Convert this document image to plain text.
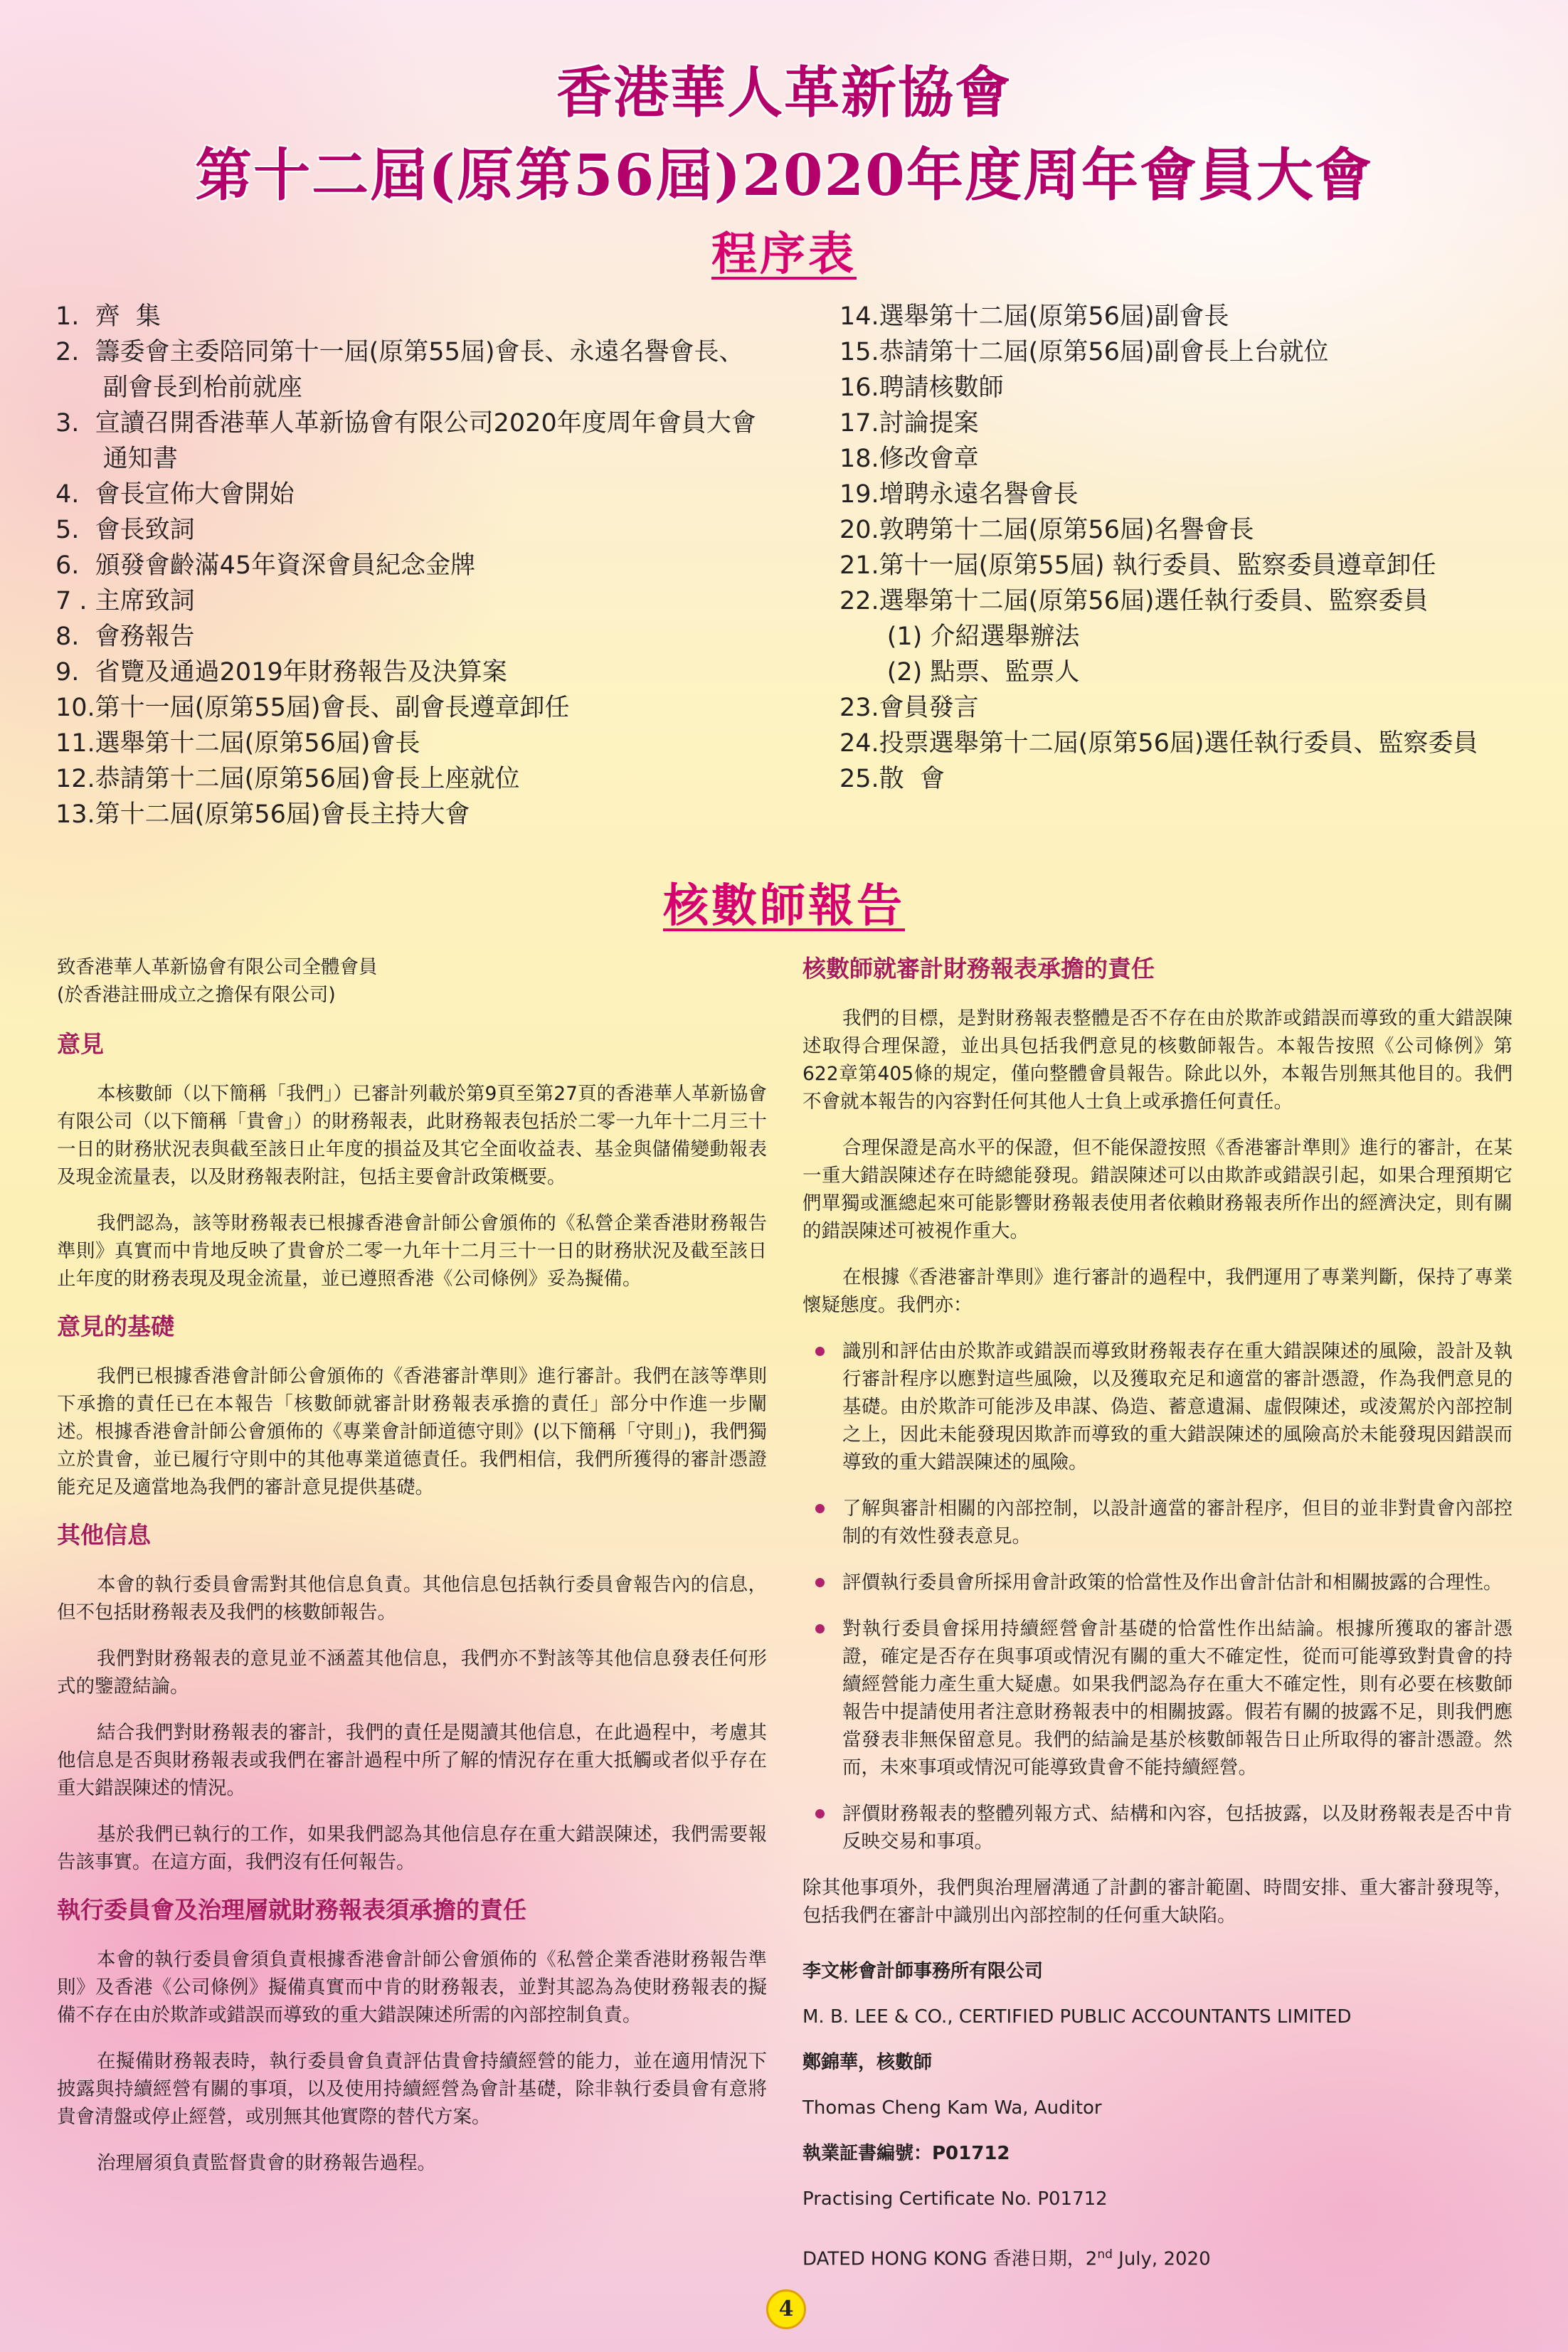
香港華人革新協會
第十二屆(原第56屆)2020年度周年會員大會
程序表
1.  齊  集
2.  籌委會主委陪同第十一屆(原第55屆)會長、永遠名譽會長、
副會長到枱前就座
3.  宣讀召開香港華人革新協會有限公司2020年度周年會員大會
通知書
4.  會長宣佈大會開始
5.  會長致詞
6.  頒發會齡滿45年資深會員紀念金牌
7 . 主席致詞
8.  會務報告
9.  省覽及通過2019年財務報告及決算案
10.第十一屆(原第55屆)會長、副會長遵章卸任
11.選舉第十二屆(原第56屆)會長
12.恭請第十二屆(原第56屆)會長上座就位
13.第十二屆(原第56屆)會長主持大會
14.選舉第十二屆(原第56屆)副會長
15.恭請第十二屆(原第56屆)副會長上台就位
16.聘請核數師
17.討論提案
18.修改會章
19.增聘永遠名譽會長
20.敦聘第十二屆(原第56屆)名譽會長
21.第十一屆(原第55屆) 執行委員、監察委員遵章卸任
22.選舉第十二屆(原第56屆)選任執行委員、監察委員
(1) 介紹選舉辦法
(2) 點票、監票人
23.會員發言
24.投票選舉第十二屆(原第56屆)選任執行委員、監察委員
25.散  會
核數師報告

致香港華人革新協會有限公司全體會員

(於香港註冊成立之擔保有限公司)

意見

本核數師（以下簡稱「我們」）已審計列載於第9頁至第27頁的香港華人革新協會有限公司（以下簡稱「貴會」）的財務報表，此財務報表包括於二零一九年十二月三十一日的財務狀況表與截至該日止年度的損益及其它全面收益表、基金與儲備變動報表及現金流量表，以及財務報表附註，包括主要會計政策概要。

我們認為，該等財務報表已根據香港會計師公會頒佈的《私營企業香港財務報告準則》真實而中肯地反映了貴會於二零一九年十二月三十一日的財務狀況及截至該日止年度的財務表現及現金流量，並已遵照香港《公司條例》妥為擬備。

意見的基礎

我們已根據香港會計師公會頒佈的《香港審計準則》進行審計。我們在該等準則下承擔的責任已在本報告「核數師就審計財務報表承擔的責任」部分中作進一步闡述。根據香港會計師公會頒佈的《專業會計師道德守則》(以下簡稱「守則」)，我們獨立於貴會，並已履行守則中的其他專業道德責任。我們相信，我們所獲得的審計憑證能充足及適當地為我們的審計意見提供基礎。

其他信息

本會的執行委員會需對其他信息負責。其他信息包括執行委員會報告內的信息，但不包括財務報表及我們的核數師報告。

我們對財務報表的意見並不涵蓋其他信息，我們亦不對該等其他信息發表任何形式的鑒證結論。

結合我們對財務報表的審計，我們的責任是閱讀其他信息，在此過程中，考慮其他信息是否與財務報表或我們在審計過程中所了解的情況存在重大抵觸或者似乎存在重大錯誤陳述的情況。

基於我們已執行的工作，如果我們認為其他信息存在重大錯誤陳述，我們需要報告該事實。在這方面，我們沒有任何報告。

執行委員會及治理層就財務報表須承擔的責任

本會的執行委員會須負責根據香港會計師公會頒佈的《私營企業香港財務報告準則》及香港《公司條例》擬備真實而中肯的財務報表，並對其認為為使財務報表的擬備不存在由於欺詐或錯誤而導致的重大錯誤陳述所需的內部控制負責。

在擬備財務報表時，執行委員會負責評估貴會持續經營的能力，並在適用情況下披露與持續經營有關的事項，以及使用持續經營為會計基礎，除非執行委員會有意將貴會清盤或停止經營，或別無其他實際的替代方案。

治理層須負責監督貴會的財務報告過程。

核數師就審計財務報表承擔的責任

我們的目標，是對財務報表整體是否不存在由於欺詐或錯誤而導致的重大錯誤陳述取得合理保證，並出具包括我們意見的核數師報告。本報告按照《公司條例》第622章第405條的規定，僅向整體會員報告。除此以外，本報告別無其他目的。我們不會就本報告的內容對任何其他人士負上或承擔任何責任。

合理保證是高水平的保證，但不能保證按照《香港審計準則》進行的審計，在某一重大錯誤陳述存在時總能發現。錯誤陳述可以由欺詐或錯誤引起，如果合理預期它們單獨或滙總起來可能影響財務報表使用者依賴財務報表所作出的經濟決定，則有關的錯誤陳述可被視作重大。

在根據《香港審計準則》進行審計的過程中，我們運用了專業判斷，保持了專業懷疑態度。我們亦：

識別和評估由於欺詐或錯誤而導致財務報表存在重大錯誤陳述的風險，設計及執行審計程序以應對這些風險，以及獲取充足和適當的審計憑證，作為我們意見的基礎。由於欺詐可能涉及串謀、偽造、蓄意遺漏、虛假陳述，或淩駕於內部控制之上，因此未能發現因欺詐而導致的重大錯誤陳述的風險高於未能發現因錯誤而導致的重大錯誤陳述的風險。
了解與審計相關的內部控制，以設計適當的審計程序，但目的並非對貴會內部控制的有效性發表意見。
評價執行委員會所採用會計政策的恰當性及作出會計估計和相關披露的合理性。
對執行委員會採用持續經營會計基礎的恰當性作出結論。根據所獲取的審計憑證，確定是否存在與事項或情況有關的重大不確定性，從而可能導致對貴會的持續經營能力產生重大疑慮。如果我們認為存在重大不確定性，則有必要在核數師報告中提請使用者注意財務報表中的相關披露。假若有關的披露不足，則我們應當發表非無保留意見。我們的結論是基於核數師報告日止所取得的審計憑證。然而，未來事項或情況可能導致貴會不能持續經營。
評價財務報表的整體列報方式、結構和內容，包括披露，以及財務報表是否中肯反映交易和事項。

除其他事項外，我們與治理層溝通了計劃的審計範圍、時間安排、重大審計發現等，包括我們在審計中識別出內部控制的任何重大缺陷。

李文彬會計師事務所有限公司

M. B. LEE & CO., CERTIFIED PUBLIC ACCOUNTANTS LIMITED

鄭錦華，核數師

Thomas Cheng Kam Wa, Auditor

執業証書編號：P01712

Practising Certificate No. P01712

DATED HONG KONG 香港日期，2nd July, 2020

4
